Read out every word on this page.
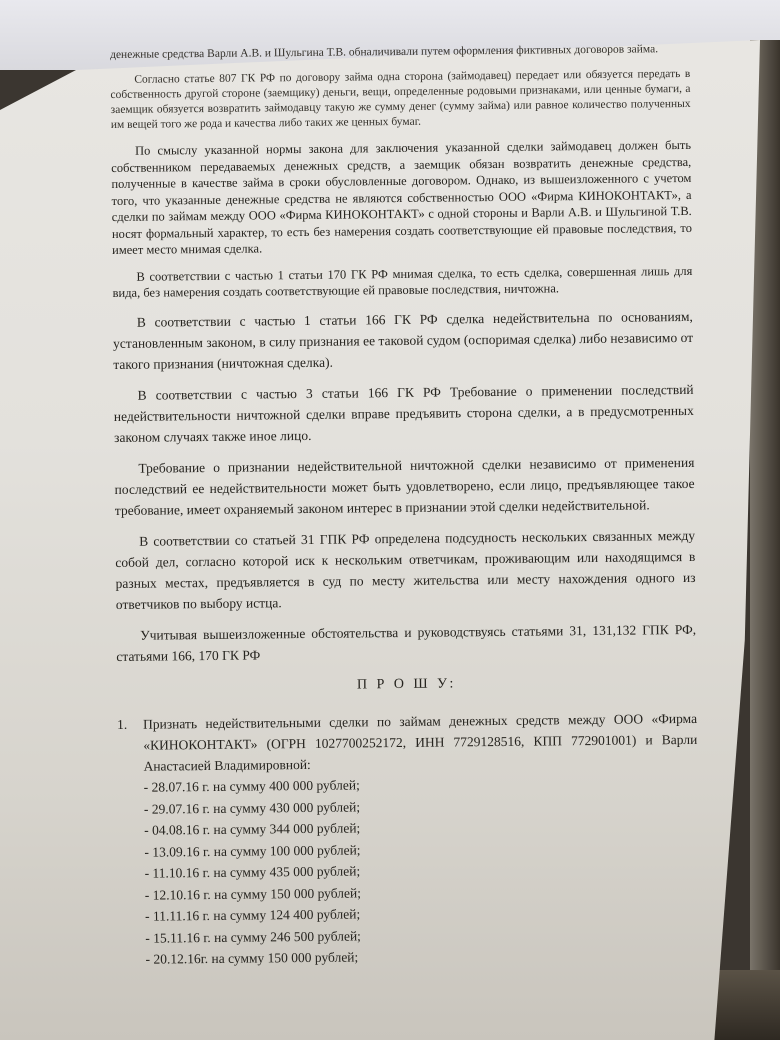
денежные средства Варли А.В. и Шульгина Т.В. обналичивали путем оформления фиктивных договоров займа.

Согласно статье 807 ГК РФ по договору займа одна сторона (займодавец) передает или обязуется передать в собственность другой стороне (заемщику) деньги, вещи, определенные родовыми признаками, или ценные бумаги, а заемщик обязуется возвратить займодавцу такую же сумму денег (сумму займа) или равное количество полученных им вещей того же рода и качества либо таких же ценных бумаг.

По смыслу указанной нормы закона для заключения указанной сделки займодавец должен быть собственником передаваемых денежных средств, а заемщик обязан возвратить денежные средства, полученные в качестве займа в сроки обусловленные договором. Однако, из вышеизложенного с учетом того, что указанные денежные средства не являются собственностью ООО «Фирма КИНОКОНТАКТ», а сделки по займам между ООО «Фирма КИНОКОНТАКТ» с одной стороны и Варли А.В. и Шульгиной Т.В. носят формальный характер, то есть без намерения создать соответствующие ей правовые последствия, то имеет место мнимая сделка.

В соответствии с частью 1 статьи 170 ГК РФ мнимая сделка, то есть сделка, совершенная лишь для вида, без намерения создать соответствующие ей правовые последствия, ничтожна.

В соответствии с частью 1 статьи 166 ГК РФ сделка недействительна по основаниям, установленным законом, в силу признания ее таковой судом (оспоримая сделка) либо независимо от такого признания (ничтожная сделка).

В соответствии с частью 3 статьи 166 ГК РФ Требование о применении последствий недействительности ничтожной сделки вправе предъявить сторона сделки, а в предусмотренных законом случаях также иное лицо.

Требование о признании недействительной ничтожной сделки независимо от применения последствий ее недействительности может быть удовлетворено, если лицо, предъявляющее такое требование, имеет охраняемый законом интерес в признании этой сделки недействительной.

В соответствии со статьей 31 ГПК РФ определена подсудность нескольких связанных между собой дел, согласно которой иск к нескольким ответчикам, проживающим или находящимся в разных местах, предъявляется в суд по месту жительства или месту нахождения одного из ответчиков по выбору истца.

Учитывая вышеизложенные обстоятельства и руководствуясь статьями 31, 131,132 ГПК РФ, статьями 166, 170 ГК РФ

П Р О Ш У:
1.	Признать недействительными сделки по займам денежных средств между ООО «Фирма «КИНОКОНТАКТ» (ОГРН 1027700252172, ИНН 7729128516, КПП 772901001) и Варли Анастасией Владимировной:
- 28.07.16 г. на сумму 400 000 рублей;
- 29.07.16 г. на сумму 430 000 рублей;
- 04.08.16 г. на сумму 344 000 рублей;
- 13.09.16 г. на сумму 100 000 рублей;
- 11.10.16 г. на сумму 435 000 рублей;
- 12.10.16 г. на сумму 150 000 рублей;
- 11.11.16 г. на сумму 124 400 рублей;
- 15.11.16 г. на сумму 246 500 рублей;
- 20.12.16г. на сумму 150 000 рублей;
